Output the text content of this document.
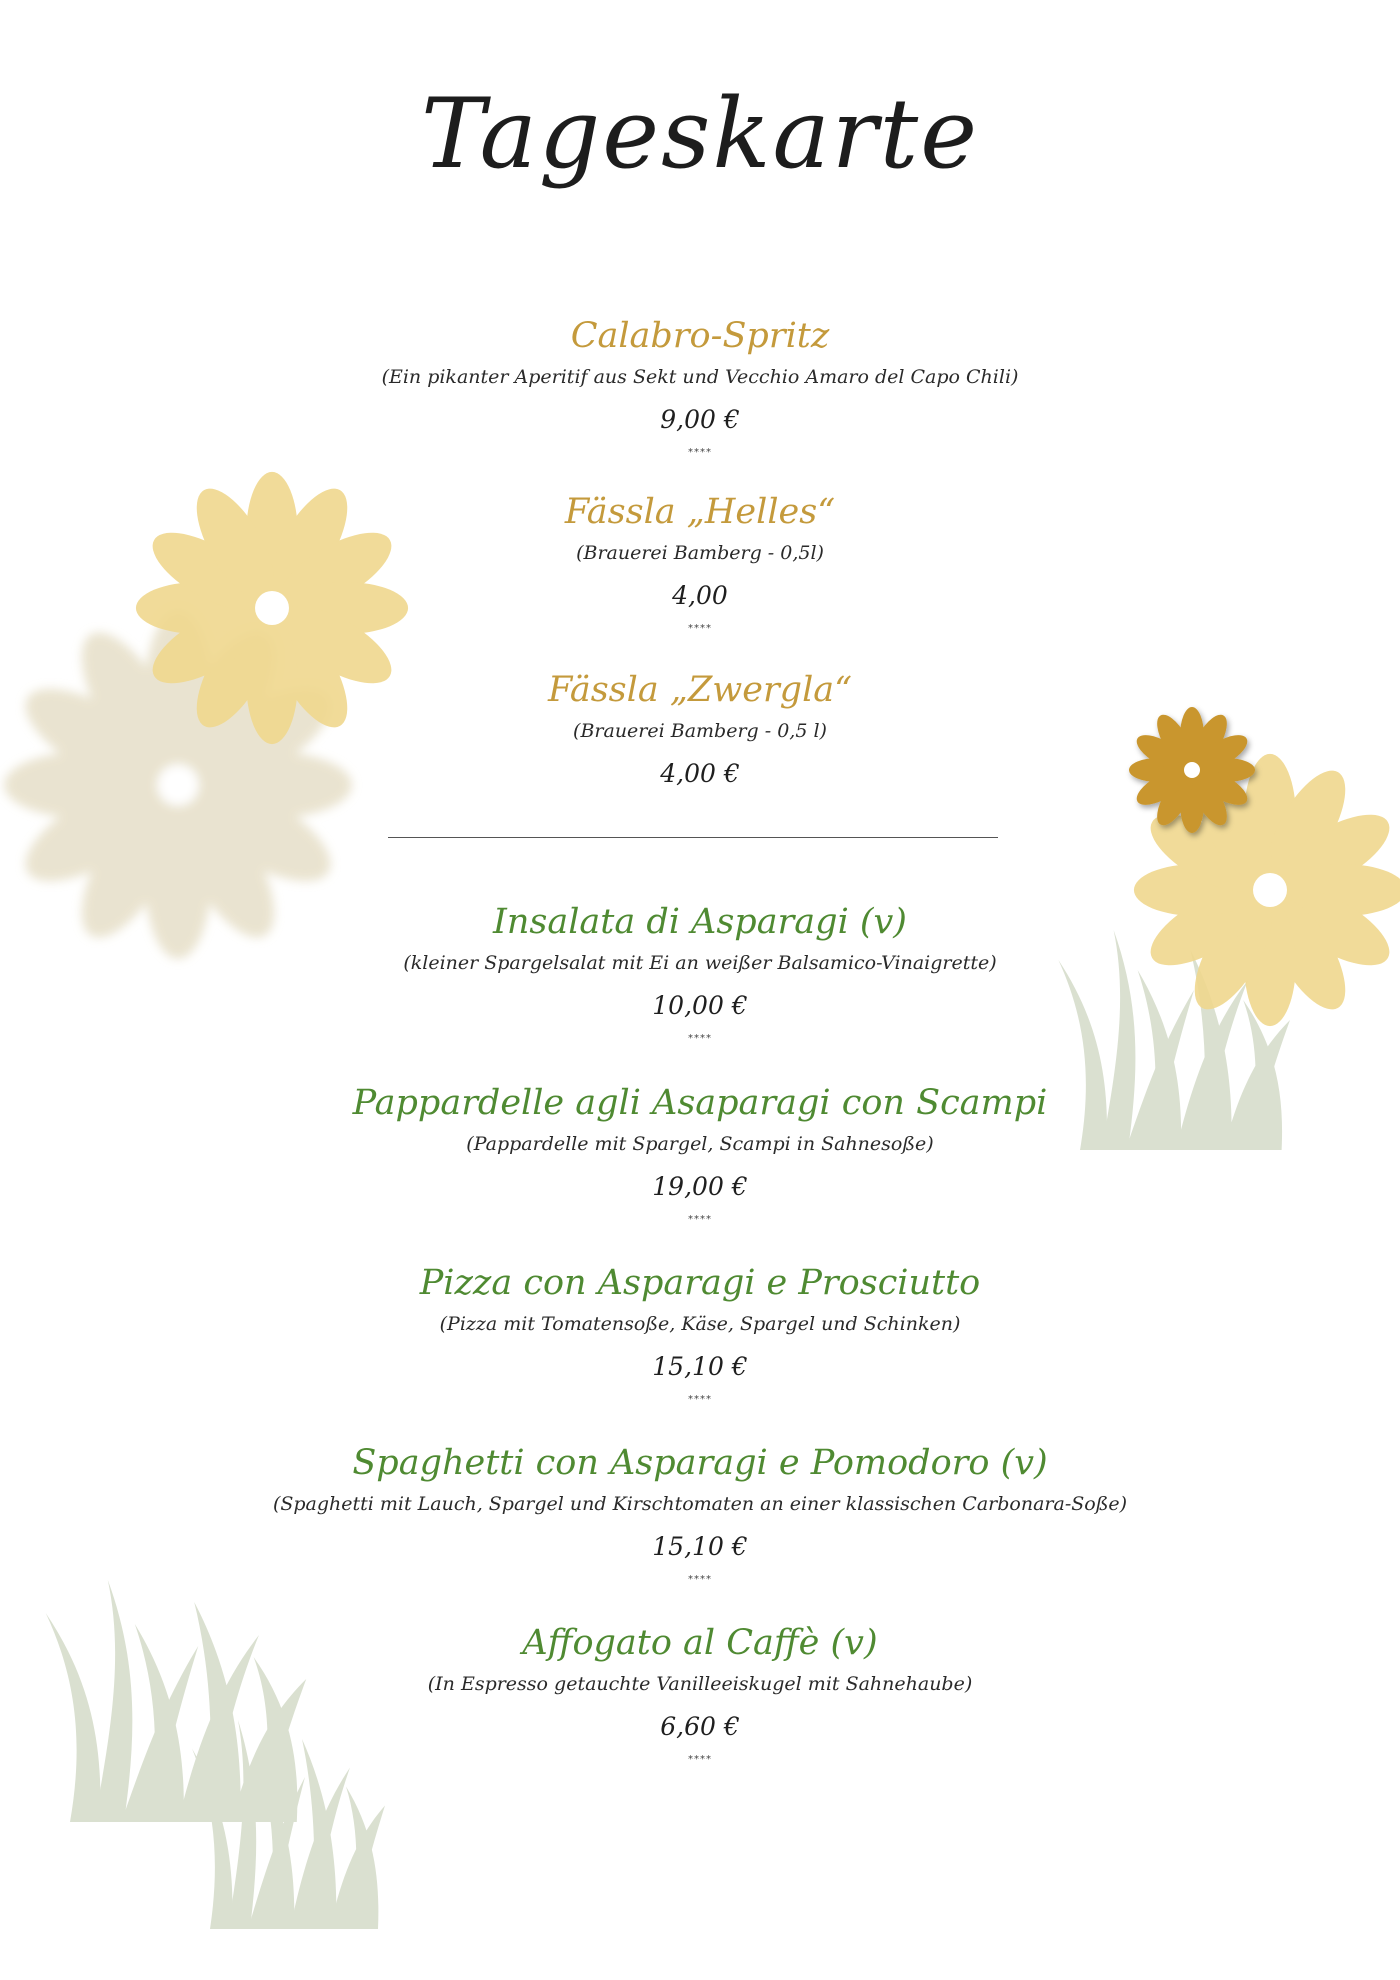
Tageskarte
Calabro-Spritz
(Ein pikanter Aperitif aus Sekt und Vecchio Amaro del Capo Chili)
9,00 €
****
Fässla „Helles“
(Brauerei Bamberg - 0,5l)
4,00
****
Fässla „Zwergla“
(Brauerei Bamberg - 0,5 l)
4,00 €
Insalata di Asparagi (v)
(kleiner Spargelsalat mit Ei an weißer Balsamico-Vinaigrette)
10,00 €
****
Pappardelle agli Asaparagi con Scampi
(Pappardelle mit Spargel, Scampi in Sahnesoße)
19,00 €
****
Pizza con Asparagi e Prosciutto
(Pizza mit Tomatensoße, Käse, Spargel und Schinken)
15,10 €
****
Spaghetti con Asparagi e Pomodoro (v)
(Spaghetti mit Lauch, Spargel und Kirschtomaten an einer klassischen Carbonara-Soße)
15,10 €
****
Affogato al Caffè (v)
(In Espresso getauchte Vanilleeiskugel mit Sahnehaube)
6,60 €
****
